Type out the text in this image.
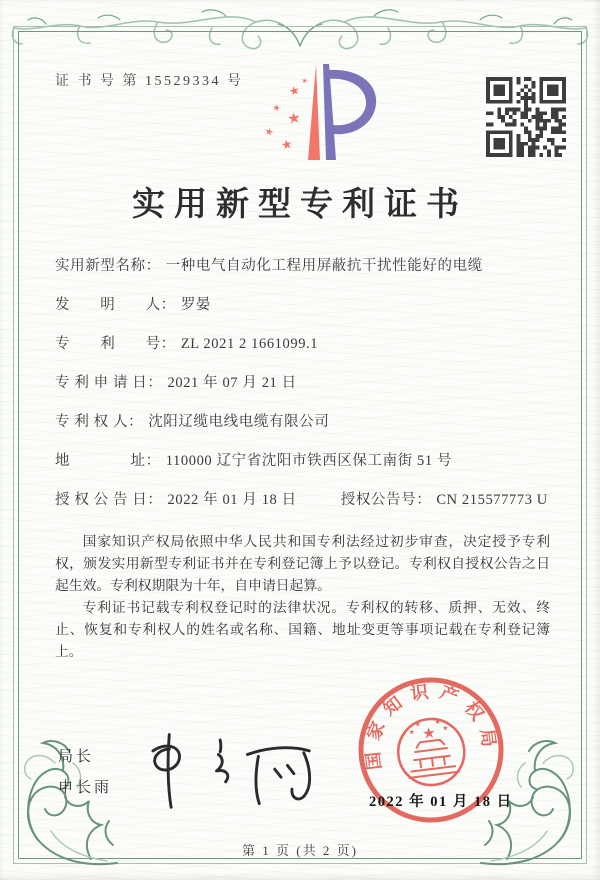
证 书 号 第 15529334 号
★
★ ★
★
★
★
实用新型专利证书
实用新型名称： 一种电气自动化工程用屏蔽抗干扰性能好的电缆
发　　明　　人： 罗晏
专　　利　　号： ZL 2021 2 1661099.1
专 利 申 请 日： 2021 年 07 月 21 日
专 利 权 人： 沈阳辽缆电线电缆有限公司
地　　　　址： 110000 辽宁省沈阳市铁西区保工南街 51 号
授 权 公 告 日： 2022 年 01 月 18 日	授权公告号： CN 215577773 U

国家知识产权局依照中华人民共和国专利法经过初步审查，决定授予专利权，颁发实用新型专利证书并在专利登记簿上予以登记。专利权自授权公告之日起生效。专利权期限为十年，自申请日起算。

专利证书记载专利权登记时的法律状况。专利权的转移、质押、无效、终止、恢复和专利权人的姓名或名称、国籍、地址变更等事项记载在专利登记簿上。

局长
申长雨
国家知识产权局
★
★
★ ★
★
2022 年 01 月 18 日
第 1 页 (共 2 页)
